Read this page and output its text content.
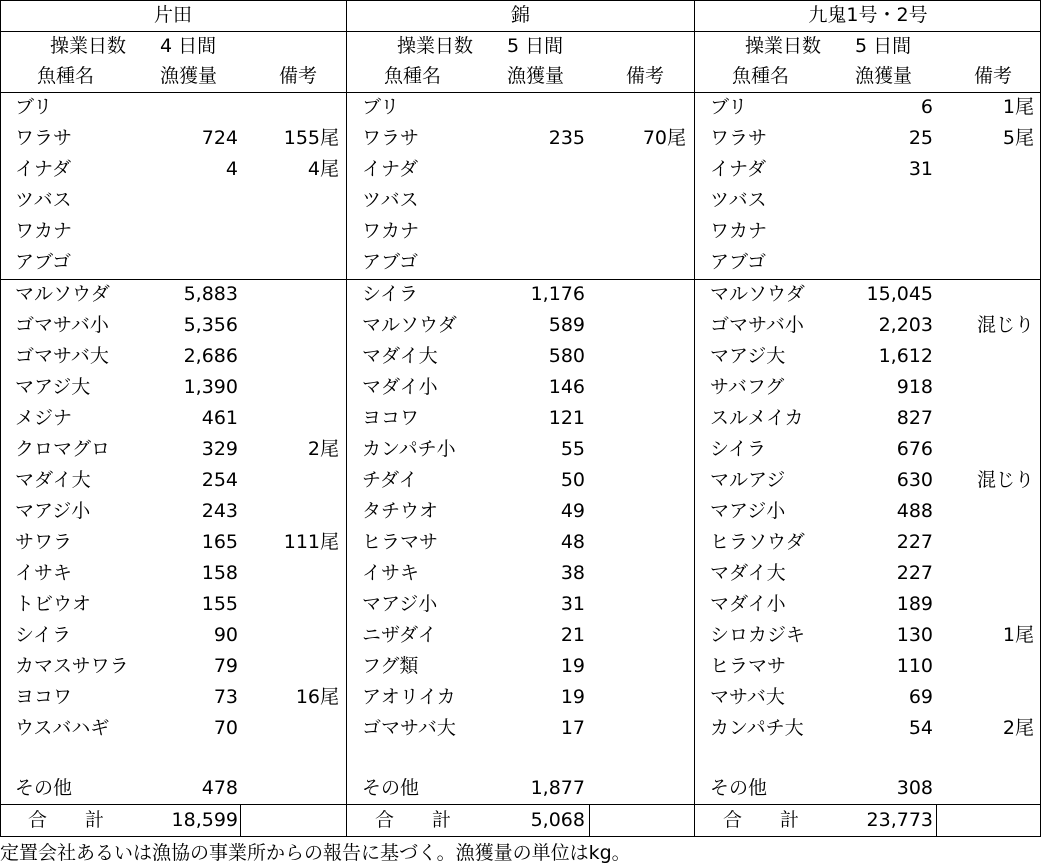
片田
操業日数 4 日間
魚種名	漁獲量	備考
ブリ
ワラサ	724	155尾
イナダ	4	4尾
ツバス
ワカナ
アブゴ
マルソウダ	5,883
ゴマサバ小	5,356
ゴマサバ大	2,686
マアジ大	1,390
メジナ	461
クロマグロ	329	2尾
マダイ大	254
マアジ小	243
サワラ	165	111尾
イサキ	158
トビウオ	155
シイラ	90
カマスサワラ	79
ヨコワ	73	16尾
ウスバハギ	70
その他	478
合　　計	18,599
錦
操業日数 5 日間
魚種名	漁獲量	備考
ブリ
ワラサ	235	70尾
イナダ
ツバス
ワカナ
アブゴ
シイラ	1,176
マルソウダ	589
マダイ大	580
マダイ小	146
ヨコワ	121
カンパチ小	55
チダイ	50
タチウオ	49
ヒラマサ	48
イサキ	38
マアジ小	31
ニザダイ	21
フグ類	19
アオリイカ	19
ゴマサバ大	17
その他	1,877
合　　計	5,068
九鬼1号・2号
操業日数 5 日間
魚種名	漁獲量	備考
ブリ	6	1尾
ワラサ	25	5尾
イナダ	31
ツバス
ワカナ
アブゴ
マルソウダ	15,045
ゴマサバ小	2,203	混じり
マアジ大	1,612
サバフグ	918
スルメイカ	827
シイラ	676
マルアジ	630	混じり
マアジ小	488
ヒラソウダ	227
マダイ大	227
マダイ小	189
シロカジキ	130	1尾
ヒラマサ	110
マサバ大	69
カンパチ大	54	2尾
その他	308
合　　計	23,773
定置会社あるいは漁協の事業所からの報告に基づく。漁獲量の単位はkg。
